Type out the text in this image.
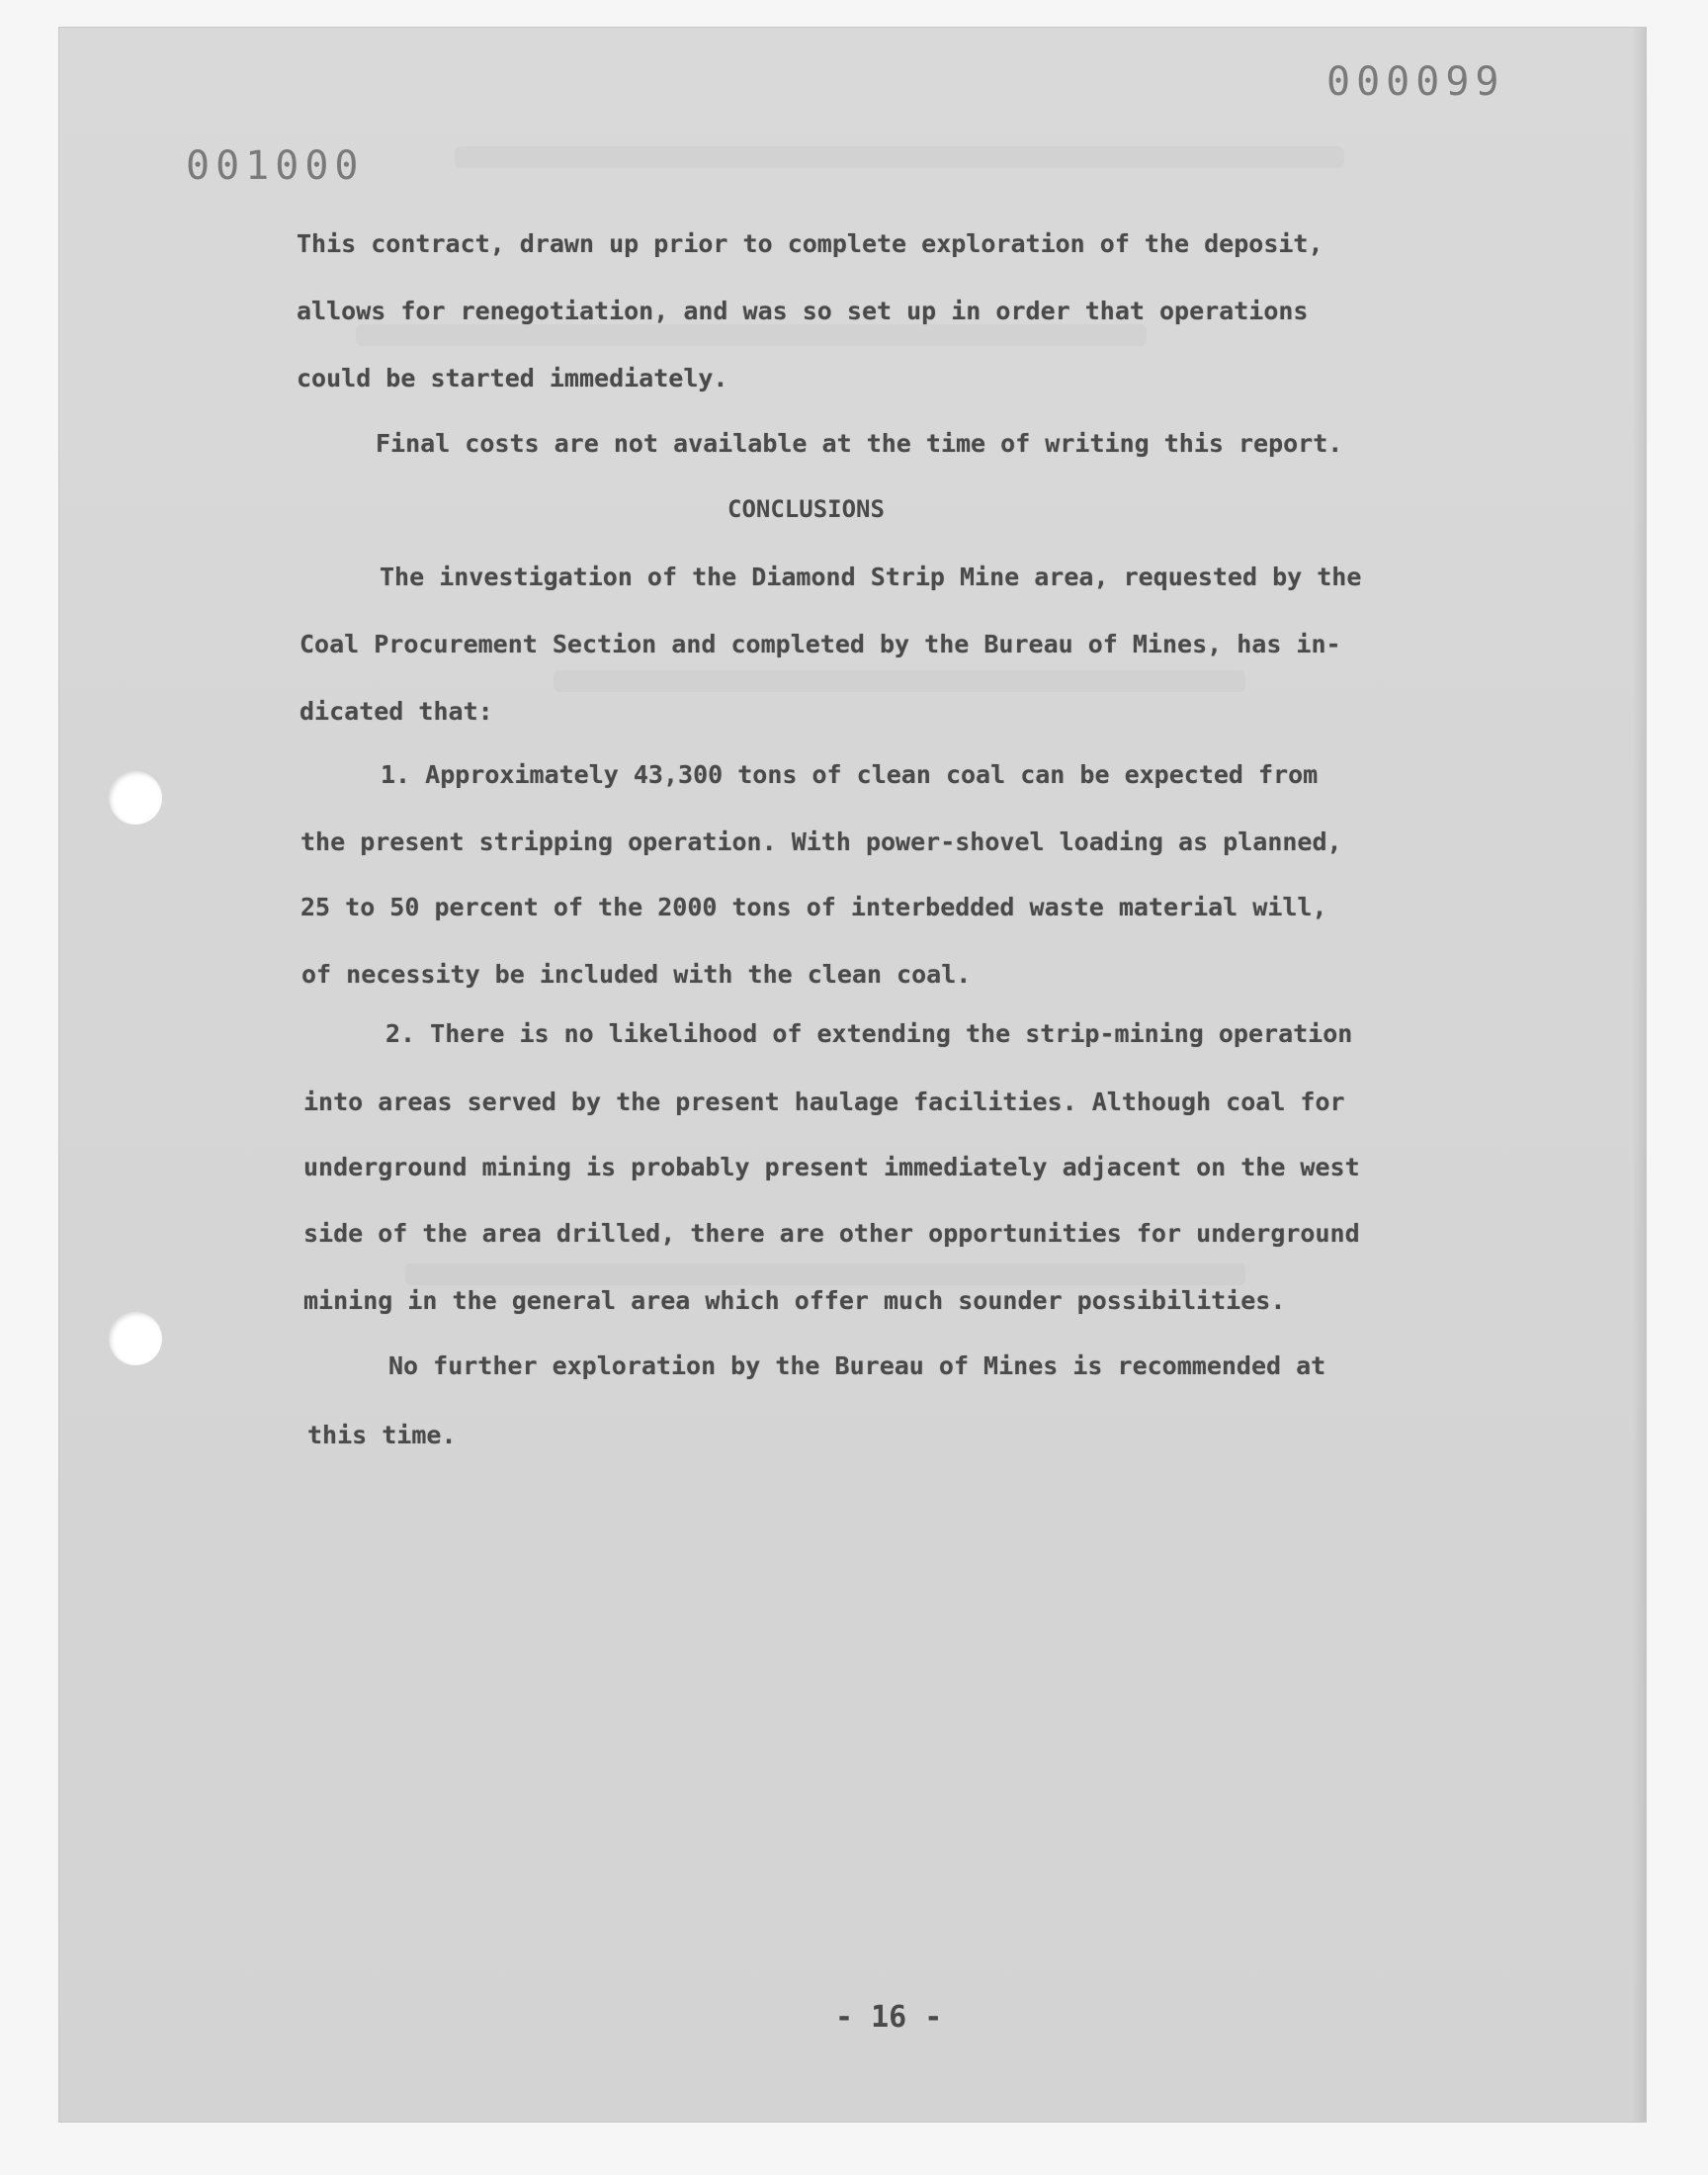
000099
001000
This contract, drawn up prior to complete exploration of the deposit,
allows for renegotiation, and was so set up in order that operations
could be started immediately.
Final costs are not available at the time of writing this report.
CONCLUSIONS
The investigation of the Diamond Strip Mine area, requested by the
Coal Procurement Section and completed by the Bureau of Mines, has in-
dicated that:
1. Approximately 43,300 tons of clean coal can be expected from
the present stripping operation. With power-shovel loading as planned,
25 to 50 percent of the 2000 tons of interbedded waste material will,
of necessity be included with the clean coal.
2. There is no likelihood of extending the strip-mining operation
into areas served by the present haulage facilities. Although coal for
underground mining is probably present immediately adjacent on the west
side of the area drilled, there are other opportunities for underground
mining in the general area which offer much sounder possibilities.
No further exploration by the Bureau of Mines is recommended at
this time.
- 16 -
